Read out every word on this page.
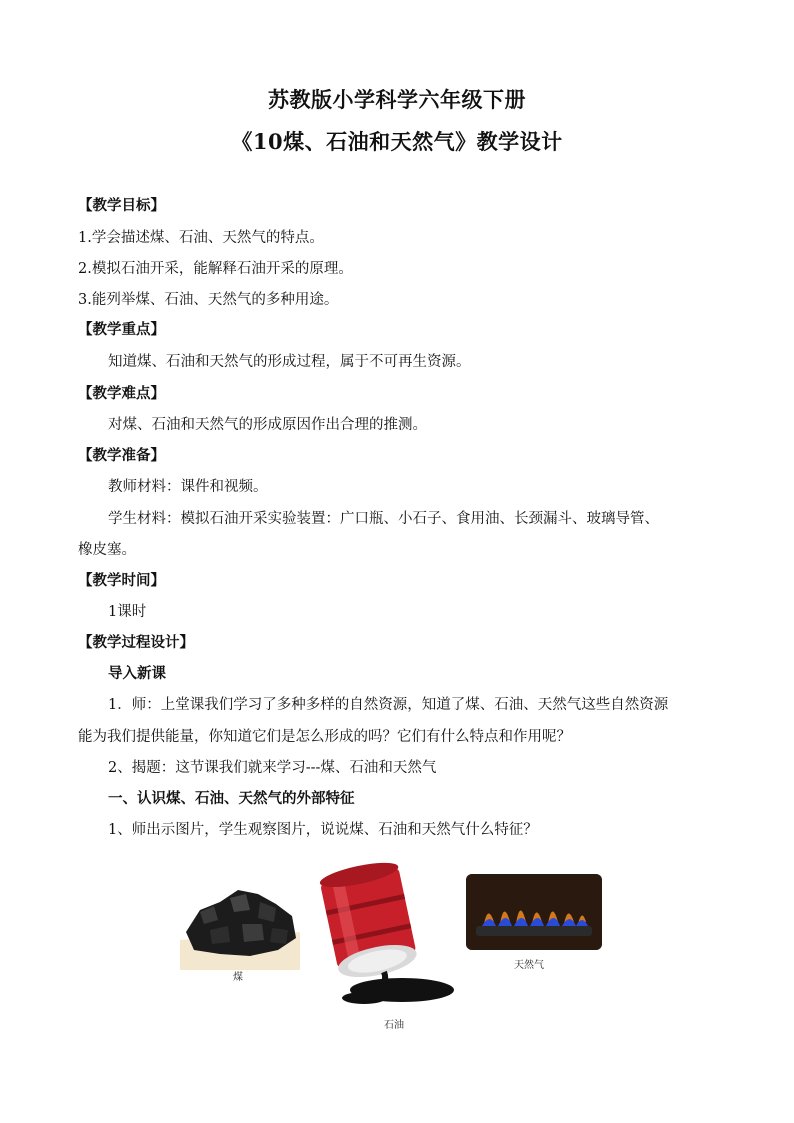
苏教版小学科学六年级下册
《10煤、石油和天然气》教学设计
【教学目标】
1.学会描述煤、石油、天然气的特点。
2.模拟石油开采，能解释石油开采的原理。
3.能列举煤、石油、天然气的多种用途。
【教学重点】
知道煤、石油和天然气的形成过程，属于不可再生资源。
【教学难点】
对煤、石油和天然气的形成原因作出合理的推测。
【教学准备】
教师材料：课件和视频。
学生材料：模拟石油开采实验装置：广口瓶、小石子、食用油、长颈漏斗、玻璃导管、
橡皮塞。
【教学时间】
1课时
【教学过程设计】
导入新课
1．师：上堂课我们学习了多种多样的自然资源，知道了煤、石油、天然气这些自然资源
能为我们提供能量，你知道它们是怎么形成的吗？它们有什么特点和作用呢？
2、揭题：这节课我们就来学习---煤、石油和天然气
一、认识煤、石油、天然气的外部特征
1、师出示图片，学生观察图片，说说煤、石油和天然气什么特征？
煤
石油
天然气
